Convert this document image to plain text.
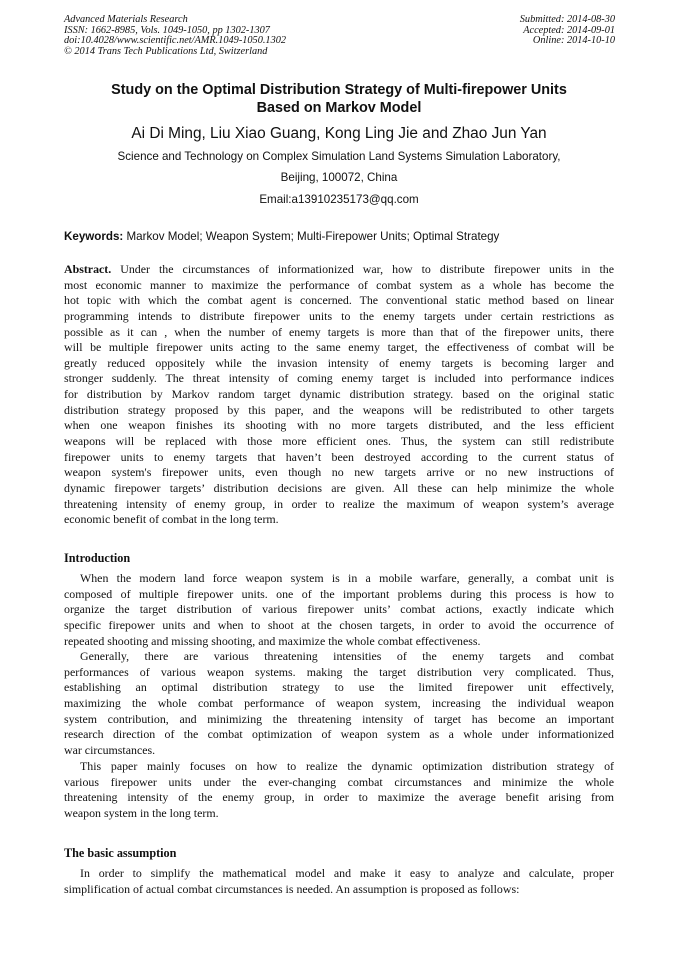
Advanced Materials Research
ISSN: 1662-8985, Vols. 1049-1050, pp 1302-1307
doi:10.4028/www.scientific.net/AMR.1049-1050.1302
© 2014 Trans Tech Publications Ltd, Switzerland
Submitted: 2014-08-30
Accepted: 2014-09-01
Online: 2014-10-10
Study on the Optimal Distribution Strategy of Multi-firepower Units
Based on Markov Model
Ai Di Ming, Liu Xiao Guang, Kong Ling Jie and Zhao Jun Yan
Science and Technology on Complex Simulation Land Systems Simulation Laboratory,
Beijing, 100072, China
Email:a13910235173@qq.com
Keywords: Markov Model; Weapon System; Multi-Firepower Units; Optimal Strategy
Abstract. Under the circumstances of informationized war, how to distribute firepower units in the
most economic manner to maximize the performance of combat system as a whole has become the
hot topic with which the combat agent is concerned. The conventional static method based on linear
programming intends to distribute firepower units to the enemy targets under certain restrictions as
possible as it can , when the number of enemy targets is more than that of the firepower units, there
will be multiple firepower units acting to the same enemy target, the effectiveness of combat will be
greatly reduced oppositely while the invasion intensity of enemy targets is becoming larger and
stronger suddenly. The threat intensity of coming enemy target is included into performance indices
for distribution by Markov random target dynamic distribution strategy. based on the original static
distribution strategy proposed by this paper, and the weapons will be redistributed to other targets
when one weapon finishes its shooting with no more targets distributed, and the less efficient
weapons will be replaced with those more efficient ones. Thus, the system can still redistribute
firepower units to enemy targets that haven’t been destroyed according to the current status of
weapon system's firepower units, even though no new targets arrive or no new instructions of
dynamic firepower targets’ distribution decisions are given. All these can help minimize the whole
threatening intensity of enemy group, in order to realize the maximum of weapon system’s average
economic benefit of combat in the long term.
Introduction
When the modern land force weapon system is in a mobile warfare, generally, a combat unit is
composed of multiple firepower units. one of the important problems during this process is how to
organize the target distribution of various firepower units’ combat actions, exactly indicate which
specific firepower units and when to shoot at the chosen targets, in order to avoid the occurrence of
repeated shooting and missing shooting, and maximize the whole combat effectiveness.
Generally, there are various threatening intensities of the enemy targets and combat
performances of various weapon systems. making the target distribution very complicated. Thus,
establishing an optimal distribution strategy to use the limited firepower unit effectively,
maximizing the whole combat performance of weapon system, increasing the individual weapon
system contribution, and minimizing the threatening intensity of target has become an important
research direction of the combat optimization of weapon system as a whole under informationized
war circumstances.
This paper mainly focuses on how to realize the dynamic optimization distribution strategy of
various firepower units under the ever-changing combat circumstances and minimize the whole
threatening intensity of the enemy group, in order to maximize the average benefit arising from
weapon system in the long term.
The basic assumption
In order to simplify the mathematical model and make it easy to analyze and calculate, proper
simplification of actual combat circumstances is needed. An assumption is proposed as follows:
